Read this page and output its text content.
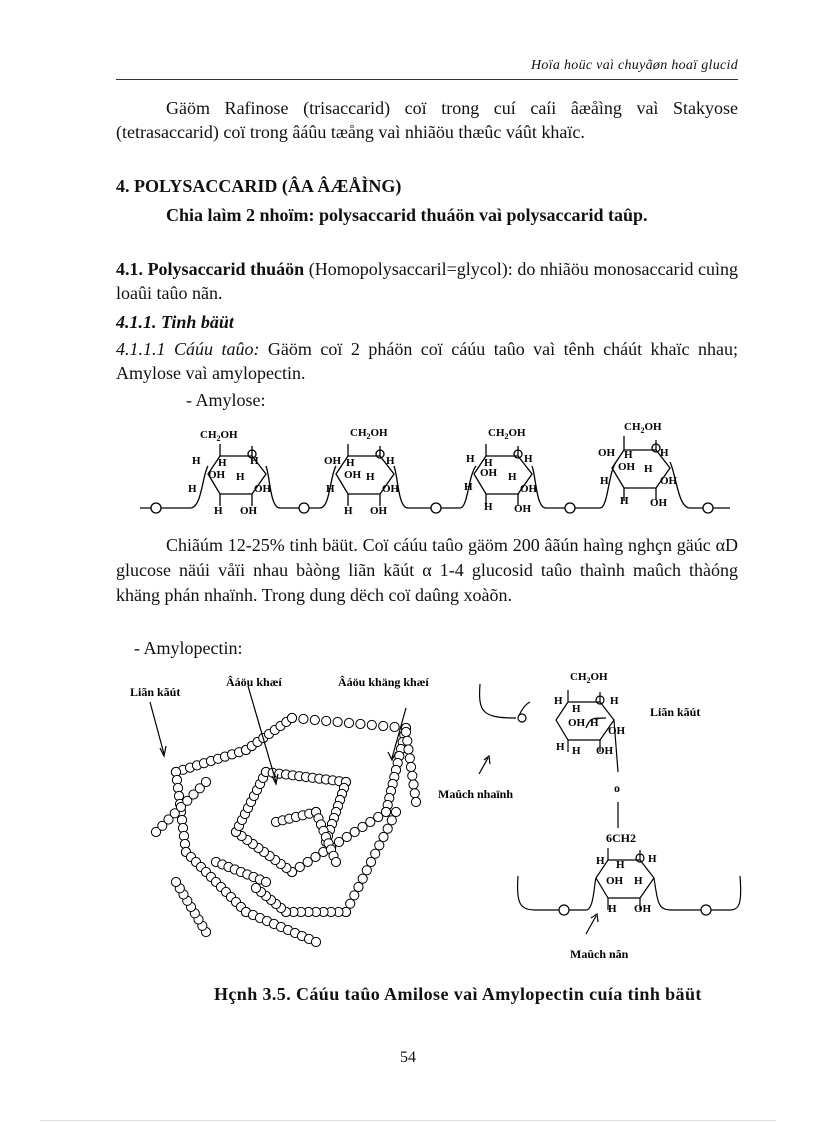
Hoïa hoüc vaì chuyãøn hoaï glucid
Gäöm Rafinose (trisaccarid) coï trong cuí caíi âæåìng vaì Stakyose (tetrasaccarid) coï trong âáûu tæång vaì nhiãöu thæûc váût khaïc.
4. POLYSACCARID (ÂA ÂÆÅÌNG)
Chia laìm 2 nhoïm: polysaccarid thuáön vaì polysaccarid taûp.
4.1. Polysaccarid thuáön (Homopolysaccaril=glycol): do nhiãöu monosaccarid cuìng loaûi taûo nãn.
4.1.1. Tinh bäüt
4.1.1.1 Cáúu taûo: Gäöm coï 2 pháön coï cáúu taûo vaì tênh cháút khaïc nhau; Amylose vaì amylopectin.
- Amylose:
$CH_2OH$
H H H
OH H
OH
H
H OH
$CH_2OH$
OH H	H
OH H
OH
H
H OH
$CH_2OH$
H H	H
OH H
OH
H
H OH
$CH_2OH$
OH H H
OH H
OH
H
H OH
Chiãúm 12-25% tinh bäüt. Coï cáúu taûo gäöm 200 âãún haìng nghçn gäúc αD glucose näúi våïi nhau bàòng liãn kãút α 1-4 glucosid taûo thaình maûch thàóng khäng phán nhaïnh. Trong dung dëch coï daûng xoàõn.
- Amylopectin:
$CH_2OH$
H
H
H
OH H
OH
H H OH
H H H
OH H
H OH
Liãn kãút
Âáöu khæí	Âáöu khäng khæí
Maûch nhaïnh
Liãn kãút
o
6CH2
Maûch nãn
Hçnh 3.5. Cáúu taûo Amilose vaì Amylopectin cuía tinh bäüt
54
